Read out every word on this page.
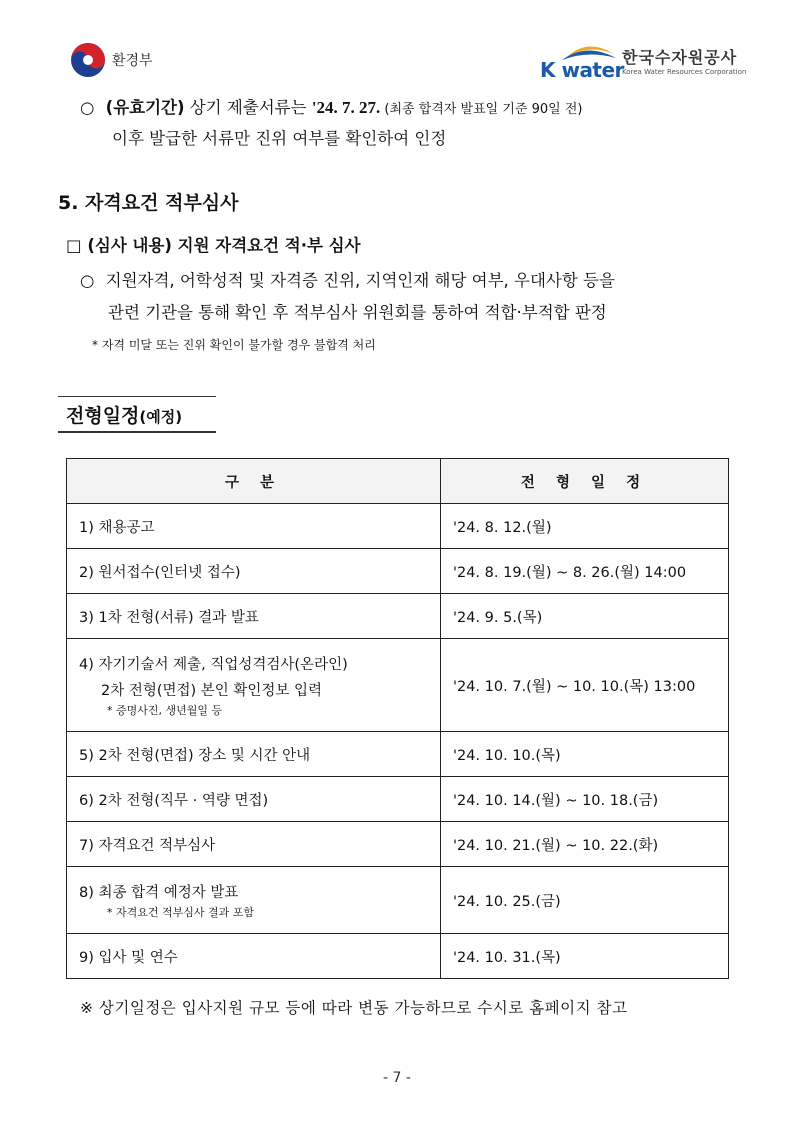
환경부	K water
한국수자원공사
Korea Water Resources Corporation
○ (유효기간) 상기 제출서류는 '24. 7. 27. (최종 합격자 발표일 기준 90일 전)
이후 발급한 서류만 진위 여부를 확인하여 인정
5. 자격요건 적부심사
□ (심사 내용) 지원 자격요건 적·부 심사
○ 지원자격, 어학성적 및 자격증 진위, 지역인재 해당 여부, 우대사항 등을
관련 기관을 통해 확인 후 적부심사 위원회를 통하여 적합·부적합 판정
* 자격 미달 또는 진위 확인이 불가할 경우 불합격 처리
전형일정(예정)
구 분	전 형 일 정
1) 채용공고	'24. 8. 12.(월)
2) 원서접수(인터넷 접수)	'24. 8. 19.(월) ~ 8. 26.(월) 14:00
3) 1차 전형(서류) 결과 발표	'24. 9. 5.(목)

4) 자기기술서 제출, 직업성격검사(온라인)
2차 전형(면접) 본인 확인정보 입력
* 증명사진, 생년월일 등	'24. 10. 7.(월) ~ 10. 10.(목) 13:00
5) 2차 전형(면접) 장소 및 시간 안내	'24. 10. 10.(목)
6) 2차 전형(직무 · 역량 면접)	'24. 10. 14.(월) ~ 10. 18.(금)
7) 자격요건 적부심사	'24. 10. 21.(월) ~ 10. 22.(화)

8) 최종 합격 예정자 발표
* 자격요건 적부심사 결과 포함	'24. 10. 25.(금)
9) 입사 및 연수	'24. 10. 31.(목)
※ 상기일정은 입사지원 규모 등에 따라 변동 가능하므로 수시로 홈페이지 참고
- 7 -
